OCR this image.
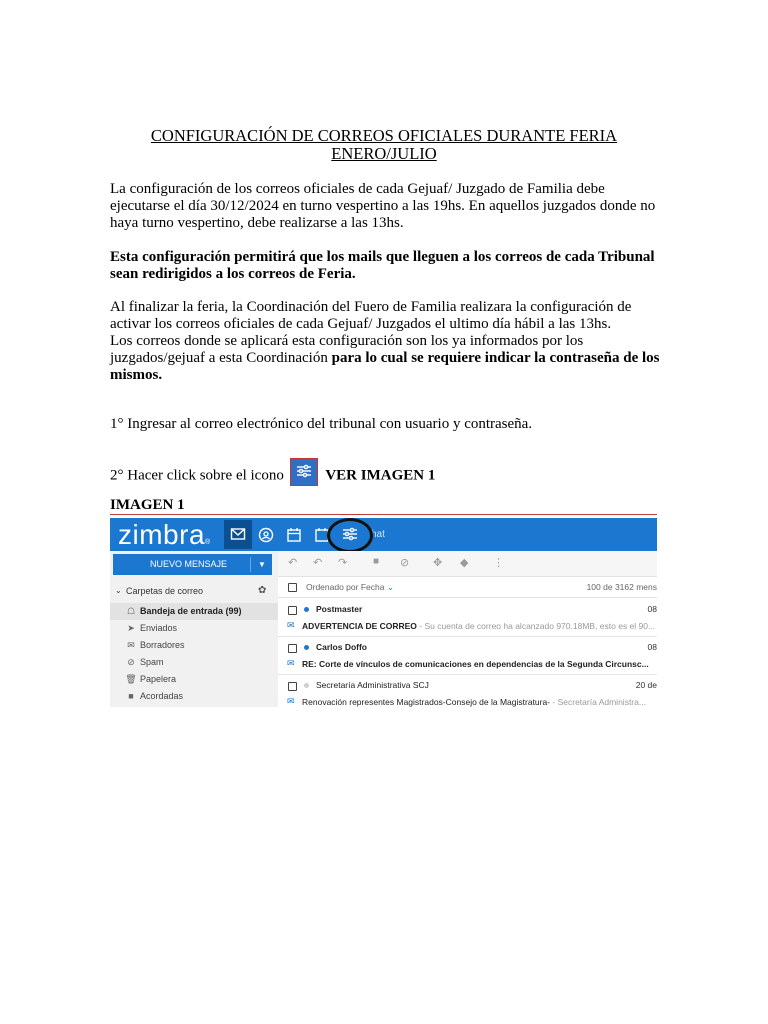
CONFIGURACIÓN DE CORREOS OFICIALES DURANTE FERIA
ENERO/JULIO
La configuración de los correos oficiales de cada Gejuaf/ Juzgado de Familia debe ejecutarse el día 30/12/2024 en turno vespertino a las 19hs. En aquellos juzgados donde no haya turno vespertino, debe realizarse a las 13hs.
Esta configuración permitirá que los mails que lleguen a los correos de cada Tribunal sean redirigidos a los correos de Feria.
Al finalizar la feria, la Coordinación del Fuero de Familia realizara la configuración de activar los correos oficiales de cada Gejuaf/ Juzgados el ultimo día hábil a las 13hs.
Los correos donde se aplicará esta configuración son los ya informados por los juzgados/gejuaf a esta Coordinación para lo cual se requiere indicar la contraseña de los mismos.
1° Ingresar al correo electrónico del tribunal con usuario y contraseña.
2° Hacer click sobre el icono	VER IMAGEN 1
IMAGEN 1
zimbra®
hat
NUEVO MENSAJE	▼
⌄ Carpetas de correo	✿
☖ Bandeja de entrada (99)
➤ Enviados
✉ Borradores
⊘ Spam
🗑 Papelera
■ Acordadas
↶ ↶ ↷	■ ⊘ ✥ ◆ ⋮
Ordenado por Fecha ⌄	100 de 3162 mens
Postmaster	08
✉ ADVERTENCIA DE CORREO - Su cuenta de correo ha alcanzado 970.18MB, esto es el 90...
Carlos Doffo	08
✉ RE: Corte de vínculos de comunicaciones en dependencias de la Segunda Circunsc...
Secretaría Administrativa SCJ	20 de
✉ Renovación representes Magistrados-Consejo de la Magistratura- - Secretaría Administra...
